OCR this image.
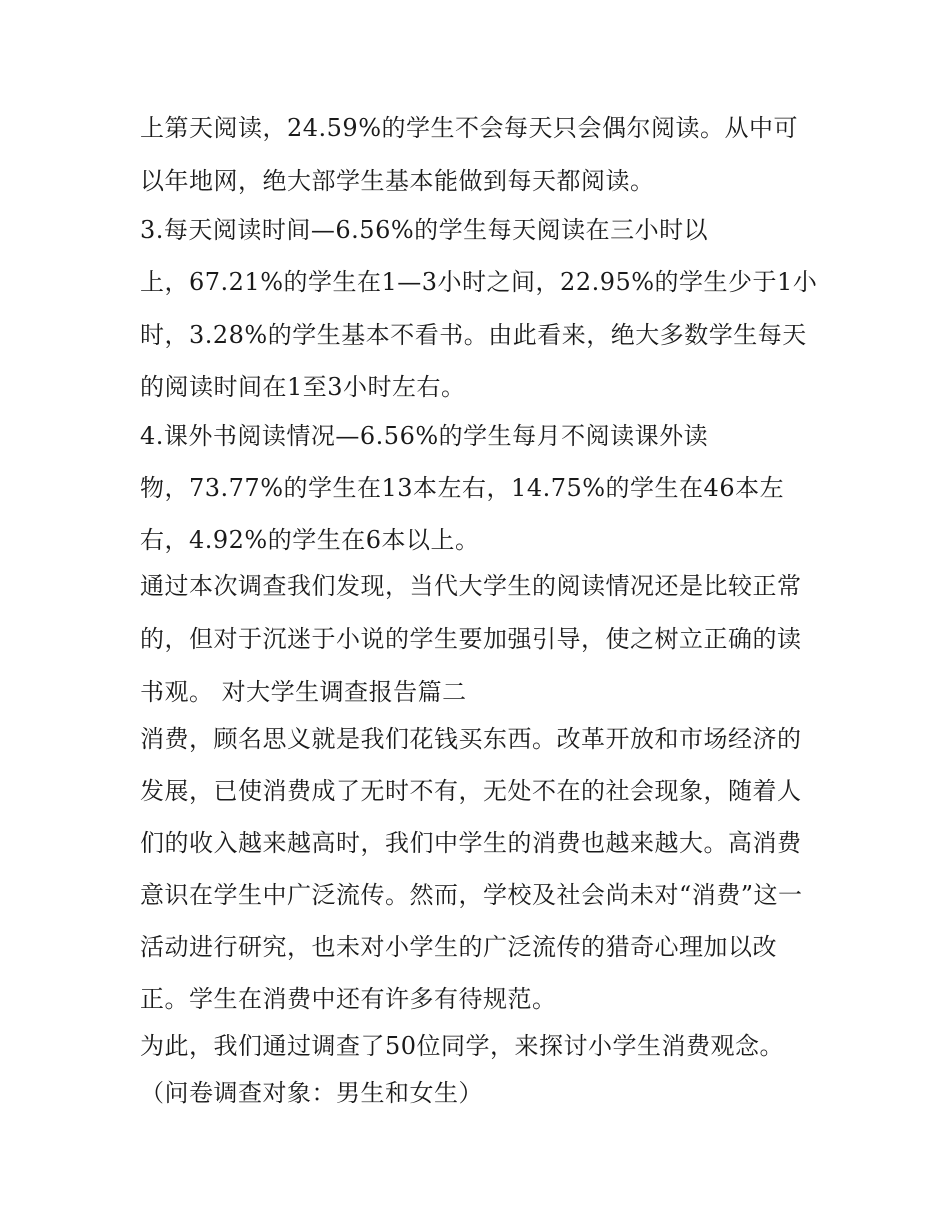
上第天阅读，24.59%的学生不会每天只会偶尔阅读。从中可
以年地网，绝大部学生基本能做到每天都阅读。
3.每天阅读时间—6.56%的学生每天阅读在三小时以
上，67.21%的学生在1—3小时之间，22.95%的学生少于1小
时，3.28%的学生基本不看书。由此看来，绝大多数学生每天
的阅读时间在1至3小时左右。
4.课外书阅读情况—6.56%的学生每月不阅读课外读
物，73.77%的学生在13本左右，14.75%的学生在46本左
右，4.92%的学生在6本以上。
通过本次调查我们发现，当代大学生的阅读情况还是比较正常
的，但对于沉迷于小说的学生要加强引导，使之树立正确的读
书观。 对大学生调查报告篇二
消费，顾名思义就是我们花钱买东西。改革开放和市场经济的
发展，已使消费成了无时不有，无处不在的社会现象，随着人
们的收入越来越高时，我们中学生的消费也越来越大。高消费
意识在学生中广泛流传。然而，学校及社会尚未对“消费”这一
活动进行研究，也未对小学生的广泛流传的猎奇心理加以改
正。学生在消费中还有许多有待规范。
为此，我们通过调查了50位同学，来探讨小学生消费观念。
（问卷调查对象：男生和女生）
